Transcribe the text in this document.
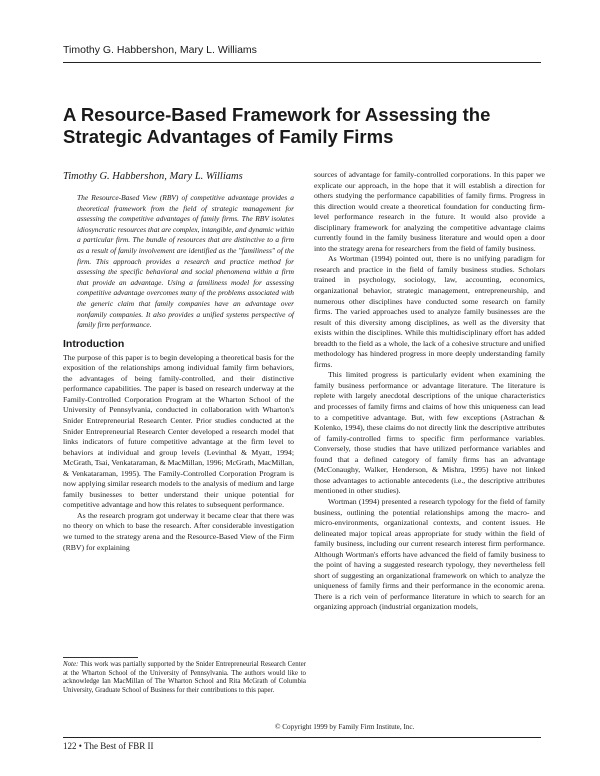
Timothy G. Habbershon, Mary L. Williams
A Resource-Based Framework for Assessing the Strategic Advantages of Family Firms

Timothy G. Habbershon, Mary L. Williams

The Resource-Based View (RBV) of competitive advantage provides a theoretical framework from the field of strategic management for assessing the competitive advantages of family firms. The RBV isolates idiosyncratic resources that are complex, intangible, and dynamic within a particular firm. The bundle of resources that are distinctive to a firm as a result of family involvement are identified as the "familiness" of the firm. This approach provides a research and practice method for assessing the specific behavioral and social phenomena within a firm that provide an advantage. Using a familiness model for assessing competitive advantage overcomes many of the problems associated with the generic claim that family companies have an advantage over nonfamily companies. It also provides a unified systems perspective of family firm performance.

Introduction

The purpose of this paper is to begin developing a theoretical basis for the exposition of the relationships among individual family firm behaviors, the advantages of being family-controlled, and their distinctive performance capabilities. The paper is based on research underway at the Family-Controlled Corporation Program at the Wharton School of the University of Pennsylvania, conducted in collaboration with Wharton's Snider Entrepreneurial Research Center. Prior studies conducted at the Snider Entrepreneurial Research Center developed a research model that links indicators of future competitive advantage at the firm level to behaviors at individual and group levels (Levinthal & Myatt, 1994; McGrath, Tsai, Venkataraman, & MacMillan, 1996; McGrath, MacMillan, & Venkataraman, 1995). The Family-Controlled Corporation Program is now applying similar research models to the analysis of medium and large family businesses to better understand their unique potential for competitive advantage and how this relates to subsequent performance.

As the research program got underway it became clear that there was no theory on which to base the research. After considerable investigation we turned to the strategy arena and the Resource-Based View of the Firm (RBV) for explaining

sources of advantage for family-controlled corporations. In this paper we explicate our approach, in the hope that it will establish a direction for others studying the performance capabilities of family firms. Progress in this direction would create a theoretical foundation for conducting firm-level performance research in the future. It would also provide a disciplinary framework for analyzing the competitive advantage claims currently found in the family business literature and would open a door into the strategy arena for researchers from the field of family business.

As Wortman (1994) pointed out, there is no unifying paradigm for research and practice in the field of family business studies. Scholars trained in psychology, sociology, law, accounting, economics, organizational behavior, strategic management, entrepreneurship, and numerous other disciplines have conducted some research on family firms. The varied approaches used to analyze family businesses are the result of this diversity among disciplines, as well as the diversity that exists within the disciplines. While this multidisciplinary effort has added breadth to the field as a whole, the lack of a cohesive structure and unified methodology has hindered progress in more deeply understanding family firms.

This limited progress is particularly evident when examining the family business performance or advantage literature. The literature is replete with largely anecdotal descriptions of the unique characteristics and processes of family firms and claims of how this uniqueness can lead to a competitive advantage. But, with few exceptions (Astrachan & Kolenko, 1994), these claims do not directly link the descriptive attributes of family-controlled firms to specific firm performance variables. Conversely, those studies that have utilized performance variables and found that a defined category of family firms has an advantage (McConaughy, Walker, Henderson, & Mishra, 1995) have not linked those advantages to actionable antecedents (i.e., the descriptive attributes mentioned in other studies).

Wortman (1994) presented a research typology for the field of family business, outlining the potential relationships among the macro- and micro-environments, organizational contexts, and content issues. He delineated major topical areas appropriate for study within the field of family business, including our current research interest firm performance. Although Wortman's efforts have advanced the field of family business to the point of having a suggested research typology, they nevertheless fell short of suggesting an organizational framework on which to analyze the uniqueness of family firms and their performance in the economic arena. There is a rich vein of performance literature in which to search for an organizing approach (industrial organization models,

Note: This work was partially supported by the Snider Entrepreneurial Research Center at the Wharton School of the University of Pennsylvania. The authors would like to acknowledge Ian MacMillan of The Wharton School and Rita McGrath of Columbia University, Graduate School of Business for their contributions to this paper.

© Copyright 1999 by Family Firm Institute, Inc.
122 • The Best of FBR II
